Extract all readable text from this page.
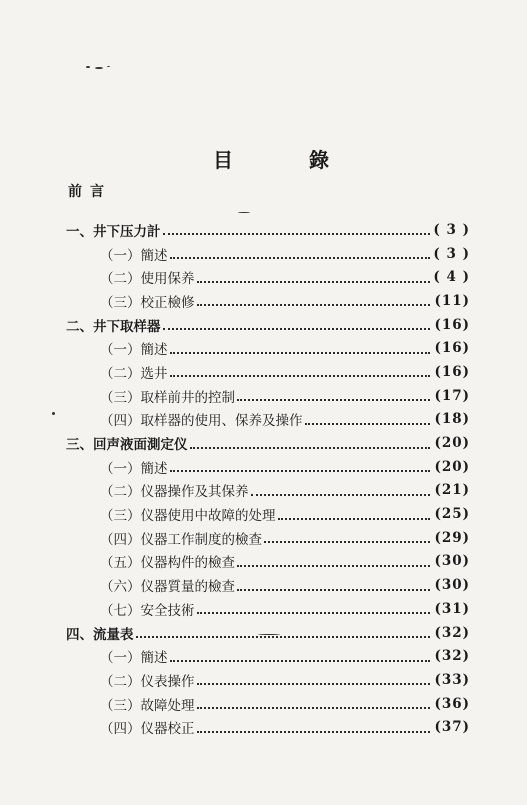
目	錄
前言
一、井下压力計	( 3 )
（一）簡述	( 3 )
（二）使用保养	( 4 )
（三）校正檢修	(11)
二、井下取样器	(16)
（一）簡述	(16)
（二）选井	(16)
（三）取样前井的控制	(17)
（四）取样器的使用、保养及操作	(18)
三、回声液面測定仪	(20)
（一）簡述	(20)
（二）仪器操作及其保养	(21)
（三）仪器使用中故障的处理	(25)
（四）仪器工作制度的檢查	(29)
（五）仪器构件的檢查	(30)
（六）仪器質量的檢查	(30)
（七）安全技術	(31)
四、流量表	(32)
（一）簡述	(32)
（二）仪表操作	(33)
（三）故障处理	(36)
（四）仪器校正	(37)
